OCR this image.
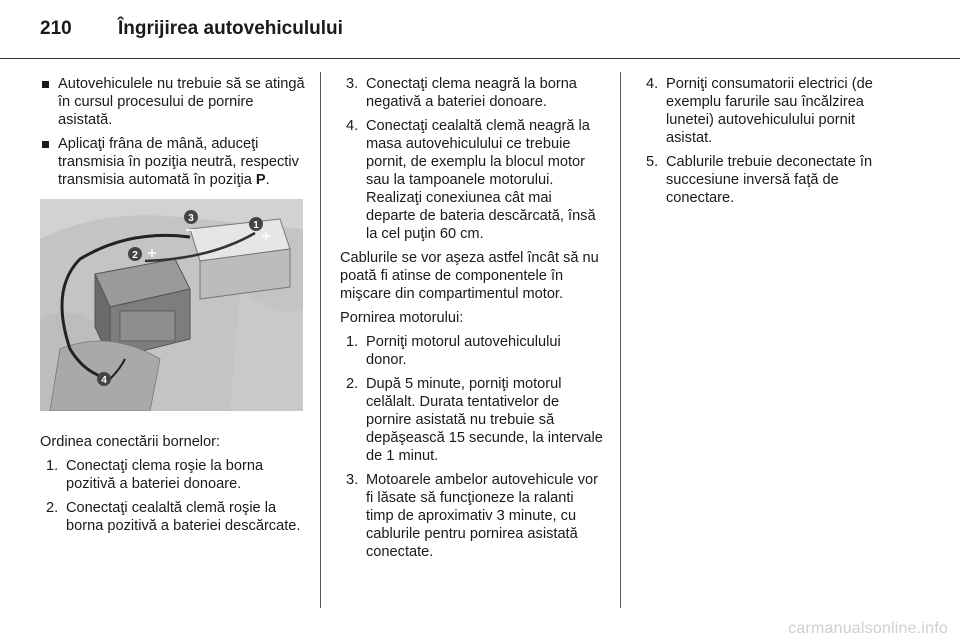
210 Îngrijirea autovehiculului

Autovehiculele nu trebuie să se atingă în cursul procesului de pornire asistată.

Aplicaţi frâna de mână, aduceţi transmisia în poziţia neutră, respectiv transmisia automată în poziţia P.

1
2
3
4

Ordinea conectării bornelor:

1. Conectaţi clema roşie la borna pozitivă a bateriei donoare.
2. Conectaţi cealaltă clemă roşie la borna pozitivă a bateriei descărcate.
3. Conectaţi clema neagră la borna negativă a bateriei donoare.
4. Conectaţi cealaltă clemă neagră la masa autovehiculului ce trebuie pornit, de exemplu la blocul motor sau la tampoanele motorului. Realizaţi conexiunea cât mai departe de bateria descărcată, însă la cel puţin 60 cm.

Cablurile se vor aşeza astfel încât să nu poată fi atinse de componentele în mişcare din compartimentul motor.

Pornirea motorului:

1. Porniţi motorul autovehiculului donor.
2. După 5 minute, porniţi motorul celălalt. Durata tentativelor de pornire asistată nu trebuie să depăşească 15 secunde, la intervale de 1 minut.
3. Motoarele ambelor autovehicule vor fi lăsate să funcţioneze la ralanti timp de aproximativ 3 minute, cu cablurile pentru pornirea asistată conectate.
4. Porniţi consumatorii electrici (de exemplu farurile sau încălzirea lunetei) autovehiculului pornit asistat.
5. Cablurile trebuie deconectate în succesiune inversă faţă de conectare.
carmanualsonline.info
